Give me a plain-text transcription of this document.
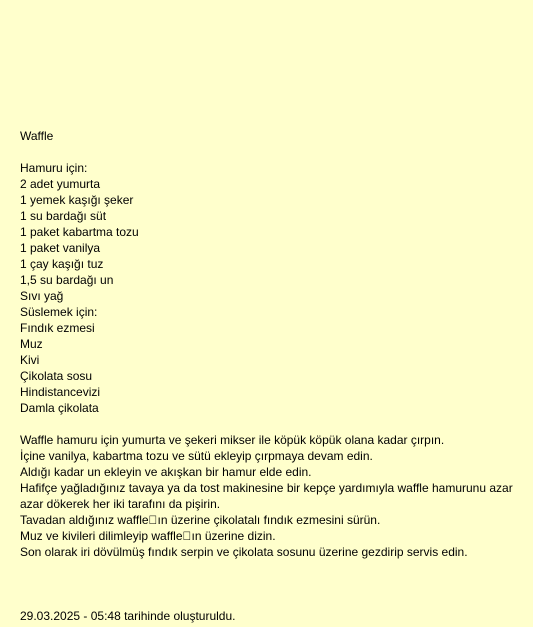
Waffle
Hamuru için:
2 adet yumurta
1 yemek kaşığı şeker
1 su bardağı süt
1 paket kabartma tozu
1 paket vanilya
1 çay kaşığı tuz
1,5 su bardağı un
Sıvı yağ
Süslemek için:
Fındık ezmesi
Muz
Kivi
Çikolata sosu
Hindistancevizi
Damla çikolata
Waffle hamuru için yumurta ve şekeri mikser ile köpük köpük olana kadar çırpın.
İçine vanilya, kabartma tozu ve sütü ekleyip çırpmaya devam edin.
Aldığı kadar un ekleyin ve akışkan bir hamur elde edin.
Hafifçe yağladığınız tavaya ya da tost makinesine bir kepçe yardımıyla waffle hamurunu azar azar dökerek her iki tarafını da pişirin.
Tavadan aldığınız waffle ın üzerine çikolatalı fındık ezmesini sürün.
Muz ve kivileri dilimleyip waffle ın üzerine dizin.
Son olarak iri dövülmüş fındık serpin ve çikolata sosunu üzerine gezdirip servis edin.
29.03.2025 - 05:48 tarihinde oluşturuldu.
